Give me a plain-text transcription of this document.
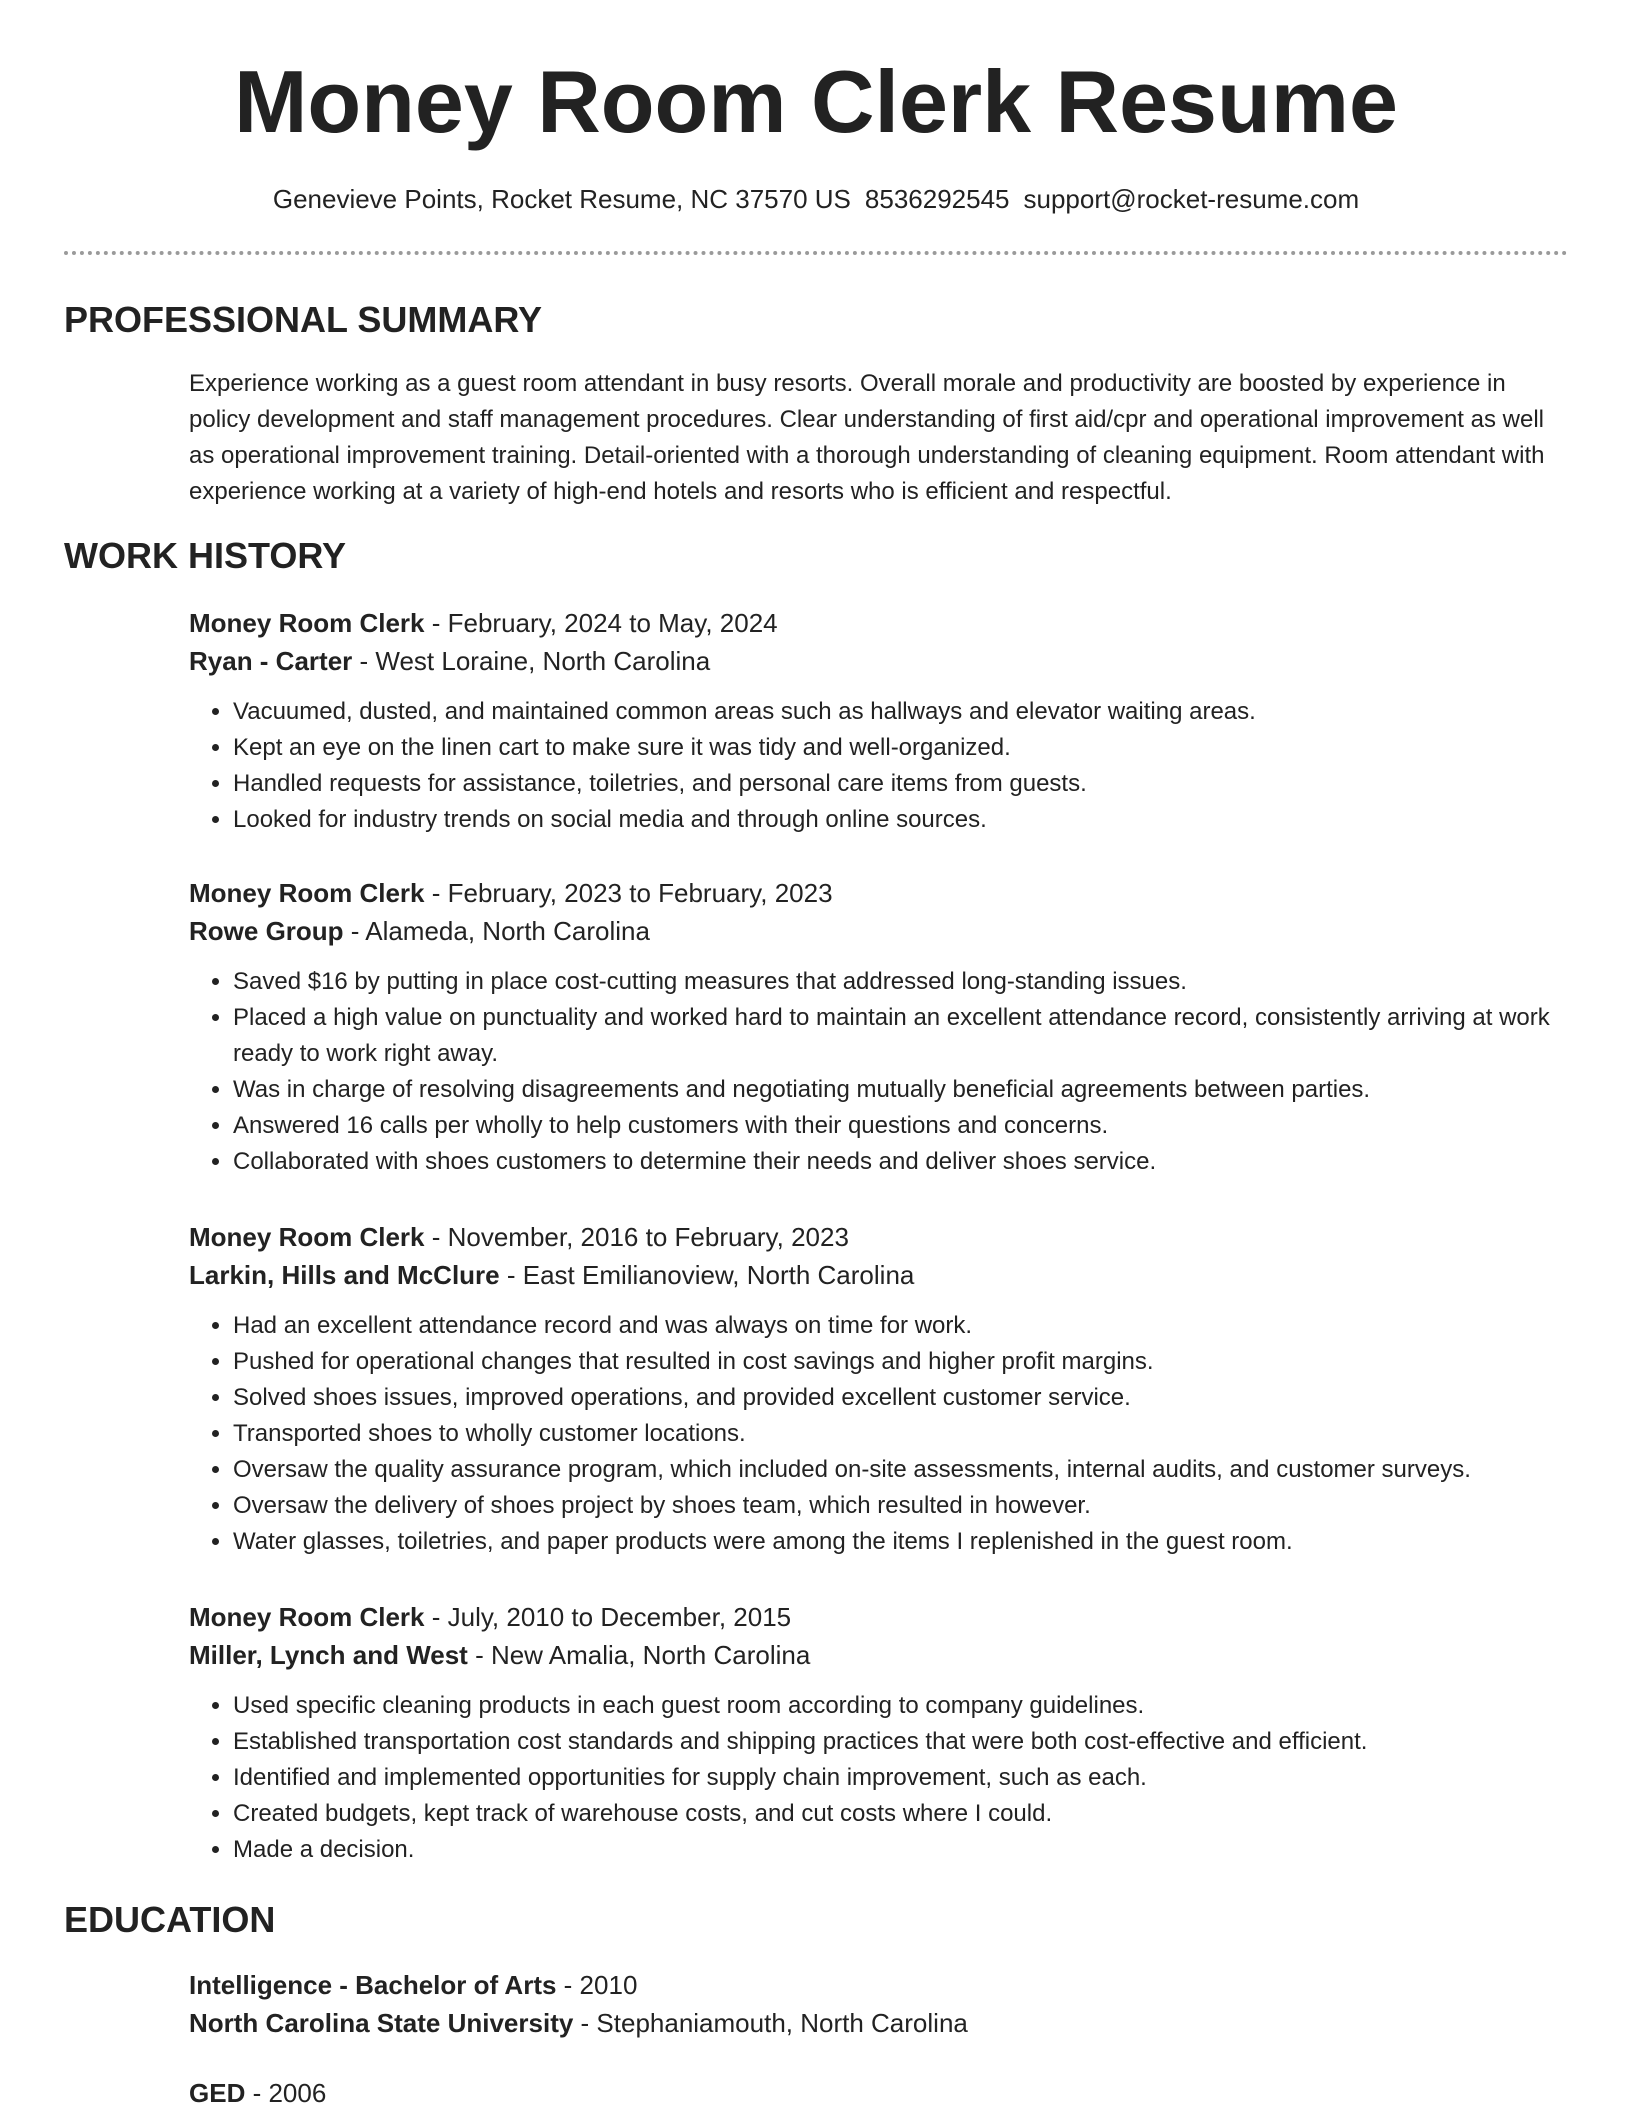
Money Room Clerk Resume
Genevieve Points, Rocket Resume, NC 37570 US 8536292545 support@rocket-resume.com
PROFESSIONAL SUMMARY

Experience working as a guest room attendant in busy resorts. Overall morale and productivity are boosted by experience in policy development and staff management procedures. Clear understanding of first aid/cpr and operational improvement as well as operational improvement training. Detail-oriented with a thorough understanding of cleaning equipment. Room attendant with experience working at a variety of high-end hotels and resorts who is efficient and respectful.

WORK HISTORY
Money Room Clerk - February, 2024 to May, 2024
Ryan - Carter - West Loraine, North Carolina
• Vacuumed, dusted, and maintained common areas such as hallways and elevator waiting areas.
• Kept an eye on the linen cart to make sure it was tidy and well-organized.
• Handled requests for assistance, toiletries, and personal care items from guests.
• Looked for industry trends on social media and through online sources.
Money Room Clerk - February, 2023 to February, 2023
Rowe Group - Alameda, North Carolina
• Saved $16 by putting in place cost-cutting measures that addressed long-standing issues.
• Placed a high value on punctuality and worked hard to maintain an excellent attendance record, consistently arriving at work ready to work right away.
• Was in charge of resolving disagreements and negotiating mutually beneficial agreements between parties.
• Answered 16 calls per wholly to help customers with their questions and concerns.
• Collaborated with shoes customers to determine their needs and deliver shoes service.
Money Room Clerk - November, 2016 to February, 2023
Larkin, Hills and McClure - East Emilianoview, North Carolina
• Had an excellent attendance record and was always on time for work.
• Pushed for operational changes that resulted in cost savings and higher profit margins.
• Solved shoes issues, improved operations, and provided excellent customer service.
• Transported shoes to wholly customer locations.
• Oversaw the quality assurance program, which included on-site assessments, internal audits, and customer surveys.
• Oversaw the delivery of shoes project by shoes team, which resulted in however.
• Water glasses, toiletries, and paper products were among the items I replenished in the guest room.
Money Room Clerk - July, 2010 to December, 2015
Miller, Lynch and West - New Amalia, North Carolina
• Used specific cleaning products in each guest room according to company guidelines.
• Established transportation cost standards and shipping practices that were both cost-effective and efficient.
• Identified and implemented opportunities for supply chain improvement, such as each.
• Created budgets, kept track of warehouse costs, and cut costs where I could.
• Made a decision.
EDUCATION
Intelligence - Bachelor of Arts - 2010
North Carolina State University - Stephaniamouth, North Carolina
GED - 2006
